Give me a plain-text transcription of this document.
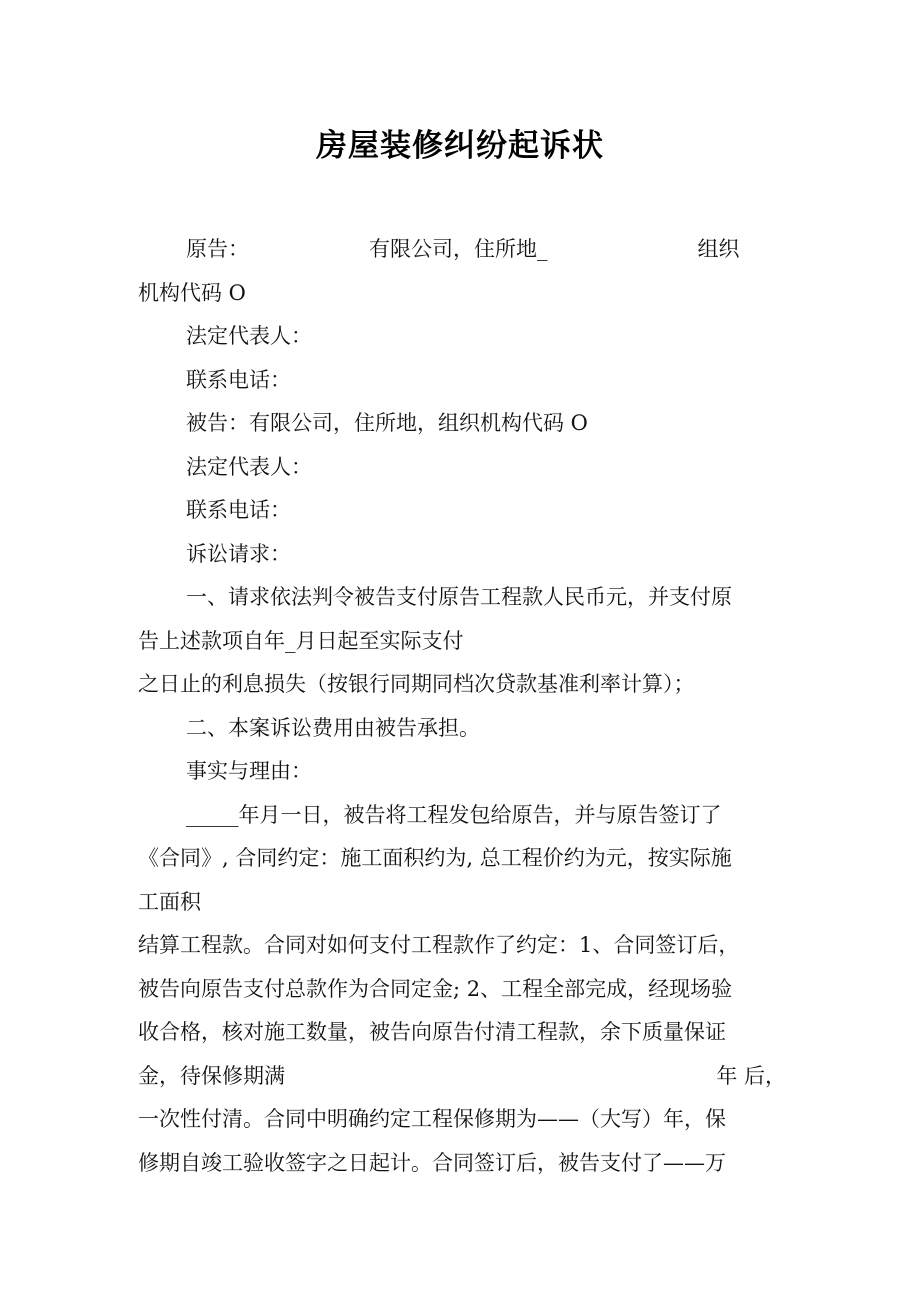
房屋装修纠纷起诉状
原告：	有限公司，住所地_	组织
机构代码 O
法定代表人：
联系电话：
被告：有限公司，住所地，组织机构代码 O
法定代表人：
联系电话：
诉讼请求：
一、请求依法判令被告支付原告工程款人民币元，并支付原
告上述款项自年_月日起至实际支付
之日止的利息损失（按银行同期同档次贷款基准利率计算）；
二、本案诉讼费用由被告承担。
事实与理由：
_____年月一日，被告将工程发包给原告，并与原告签订了
《合同》, 合同约定：施工面积约为, 总工程价约为元，按实际施
工面积
结算工程款。合同对如何支付工程款作了约定：1、合同签订后，
被告向原告支付总款作为合同定金; 2、工程全部完成，经现场验
收合格，核对施工数量，被告向原告付清工程款，余下质量保证
金，待保修期满	年 后，
一次性付清。合同中明确约定工程保修期为——（大写）年，保
修期自竣工验收签字之日起计。合同签订后，被告支付了——万
